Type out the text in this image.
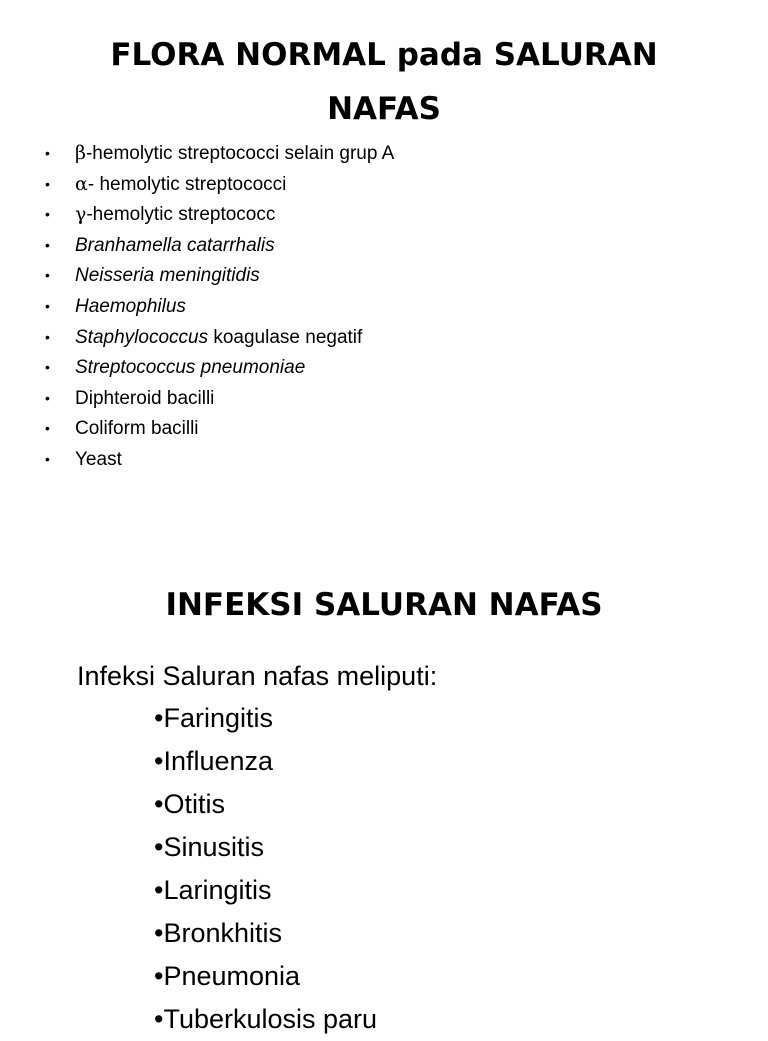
FLORA NORMAL pada SALURAN
NAFAS
• β-hemolytic streptococci selain grup A
• α- hemolytic streptococci
• γ-hemolytic streptococc
• Branhamella catarrhalis
• Neisseria meningitidis
• Haemophilus
• Staphylococcus koagulase negatif
• Streptococcus pneumoniae
• Diphteroid bacilli
• Coliform bacilli
• Yeast
INFEKSI SALURAN NAFAS

Infeksi Saluran nafas meliputi:

•Faringitis
•Influenza
•Otitis
•Sinusitis
•Laringitis
•Bronkhitis
•Pneumonia
•Tuberkulosis paru
